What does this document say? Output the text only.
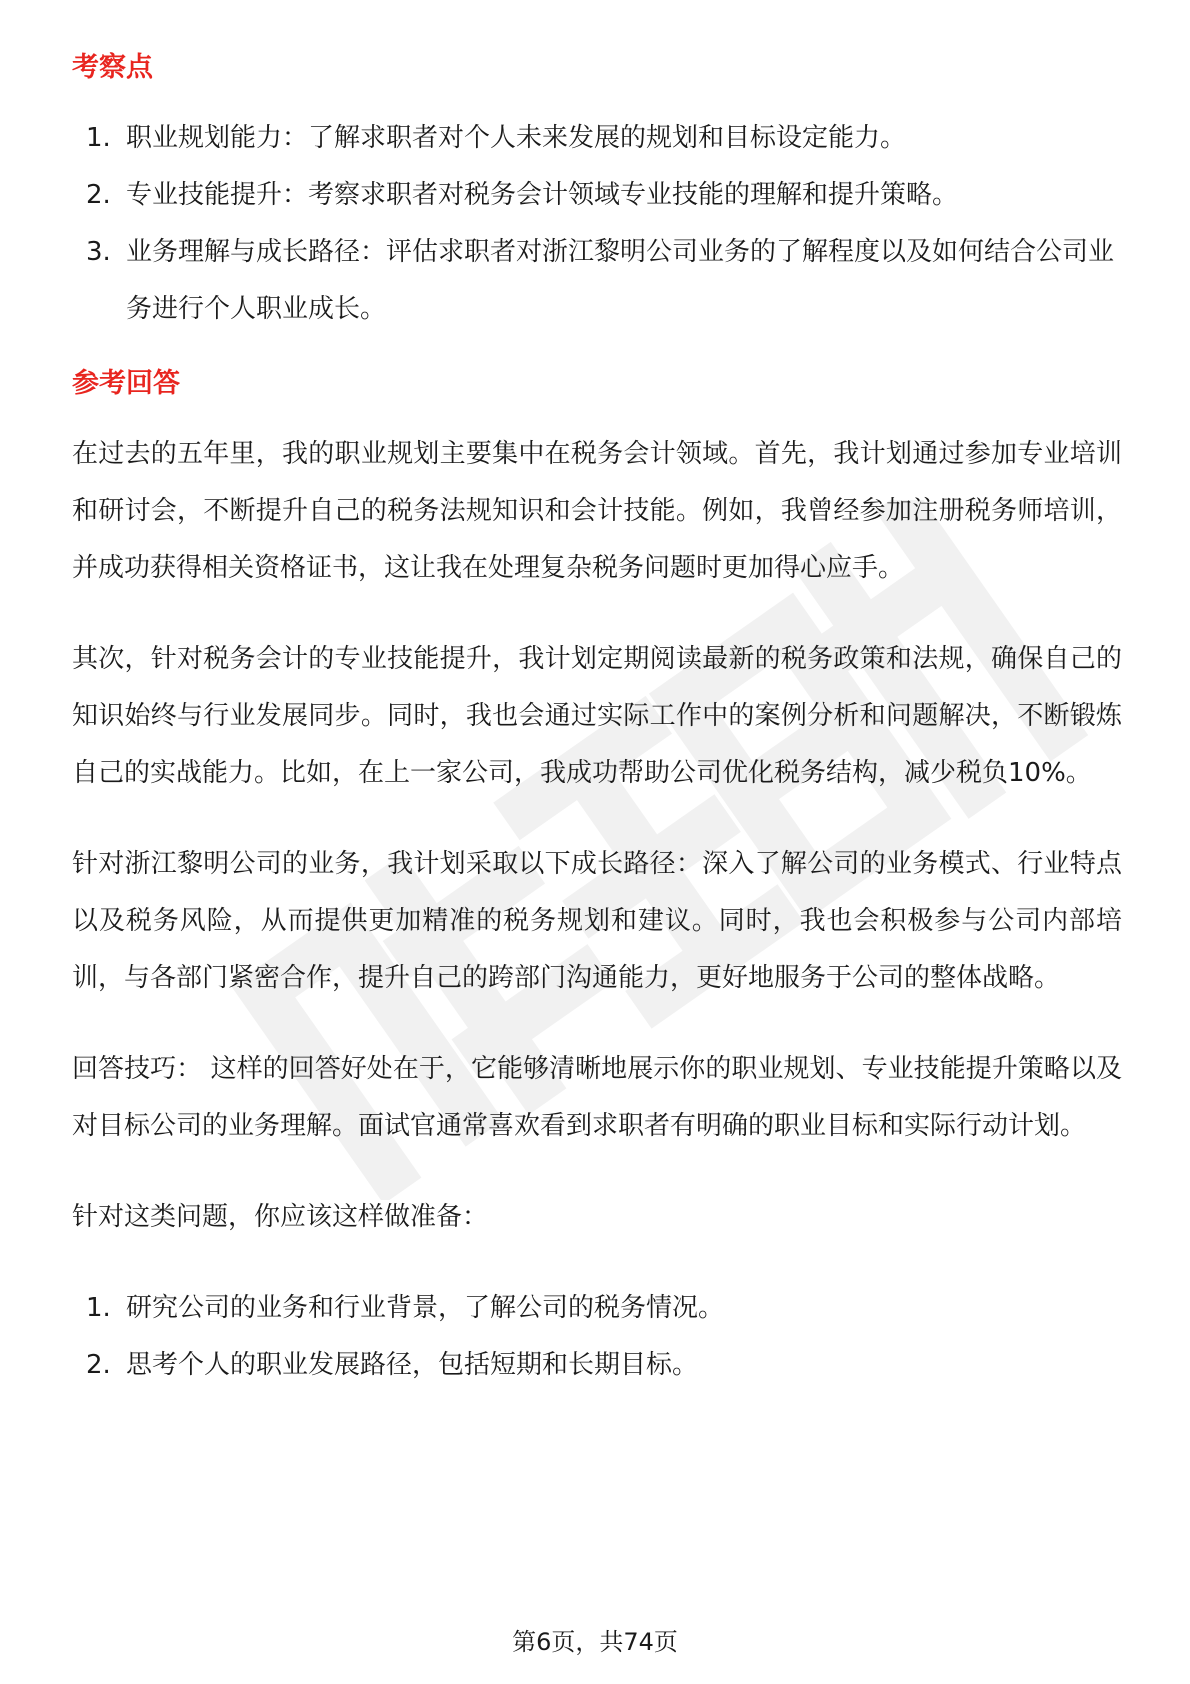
考察点
1. 职业规划能力：了解求职者对个人未来发展的规划和目标设定能力。
2. 专业技能提升：考察求职者对税务会计领域专业技能的理解和提升策略。
3. 业务理解与成长路径：评估求职者对浙江黎明公司业务的了解程度以及如何结合公司业务进行个人职业成长。
参考回答

在过去的五年里，我的职业规划主要集中在税务会计领域。首先，我计划通过参加专业培训和研讨会，不断提升自己的税务法规知识和会计技能。例如，我曾经参加注册税务师培训，并成功获得相关资格证书，这让我在处理复杂税务问题时更加得心应手。

其次，针对税务会计的专业技能提升，我计划定期阅读最新的税务政策和法规，确保自己的知识始终与行业发展同步。同时，我也会通过实际工作中的案例分析和问题解决，不断锻炼自己的实战能力。比如，在上一家公司，我成功帮助公司优化税务结构，减少税负10%。

针对浙江黎明公司的业务，我计划采取以下成长路径：深入了解公司的业务模式、行业特点以及税务风险，从而提供更加精准的税务规划和建议。同时，我也会积极参与公司内部培训，与各部门紧密合作，提升自己的跨部门沟通能力，更好地服务于公司的整体战略。

回答技巧： 这样的回答好处在于，它能够清晰地展示你的职业规划、专业技能提升策略以及对目标公司的业务理解。面试官通常喜欢看到求职者有明确的职业目标和实际行动计划。

针对这类问题，你应该这样做准备：

1. 研究公司的业务和行业背景，了解公司的税务情况。
2. 思考个人的职业发展路径，包括短期和长期目标。
第6页，共74页
